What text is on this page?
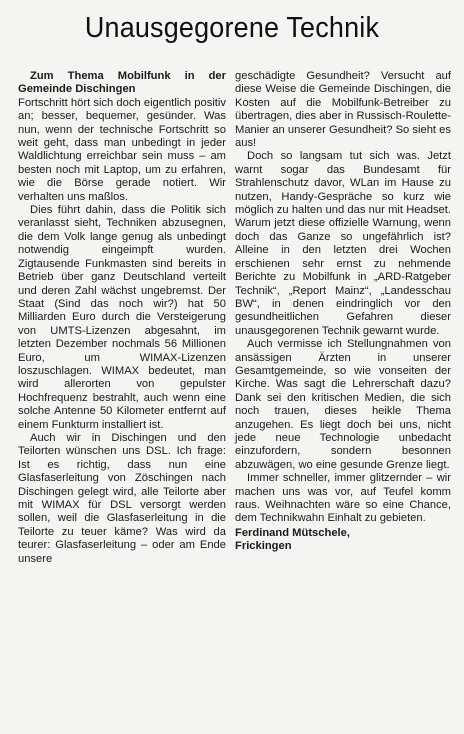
Unausgegorene Technik

Zum Thema Mobilfunk in der Gemeinde Dischingen

Fortschritt hört sich doch eigentlich positiv an; besser, bequemer, gesünder. Was nun, wenn der technische Fortschritt so weit geht, dass man unbedingt in jeder Waldlichtung erreichbar sein muss – am besten noch mit Laptop, um zu erfahren, wie die Börse gerade notiert. Wir verhalten uns maßlos.

Dies führt dahin, dass die Politik sich veranlasst sieht, Techniken abzusegnen, die dem Volk lange genug als unbedingt notwendig eingeimpft wurden. Zigtausende Funkmasten sind bereits in Betrieb über ganz Deutschland verteilt und deren Zahl wächst ungebremst. Der Staat (Sind das noch wir?) hat 50 Milliarden Euro durch die Versteigerung von UMTS-Lizenzen abgesahnt, im letzten Dezember nochmals 56 Millionen Euro, um WIMAX-Lizenzen loszuschlagen. WIMAX bedeutet, man wird allerorten von gepulster Hochfrequenz bestrahlt, auch wenn eine solche Antenne 50 Kilometer entfernt auf einem Funkturm installiert ist.

Auch wir in Dischingen und den Teilorten wünschen uns DSL. Ich frage: Ist es richtig, dass nun eine Glasfaserleitung von Zöschingen nach Dischingen gelegt wird, alle Teilorte aber mit WIMAX für DSL versorgt werden sollen, weil die Glasfaserleitung in die Teilorte zu teuer käme? Was wird da teurer: Glasfaserleitung – oder am Ende unsere

geschädigte Gesundheit? Versucht auf diese Weise die Gemeinde Dischingen, die Kosten auf die Mobilfunk-Betreiber zu übertragen, dies aber in Russisch-Roulette-Manier an unserer Gesundheit? So sieht es aus!

Doch so langsam tut sich was. Jetzt warnt sogar das Bundesamt für Strahlenschutz davor, WLan im Hause zu nutzen, Handy-Gespräche so kurz wie möglich zu halten und das nur mit Headset. Warum jetzt diese offizielle Warnung, wenn doch das Ganze so ungefährlich ist? Alleine in den letzten drei Wochen erschienen sehr ernst zu nehmende Berichte zu Mobilfunk in „ARD-Ratgeber Technik“, „Report Mainz“, „Landesschau BW“, in denen eindringlich vor den gesundheitlichen Gefahren dieser unausgegorenen Technik gewarnt wurde.

Auch vermisse ich Stellungnahmen von ansässigen Ärzten in unserer Gesamtgemeinde, so wie vonseiten der Kirche. Was sagt die Lehrerschaft dazu? Dank sei den kritischen Medien, die sich noch trauen, dieses heikle Thema anzugehen. Es liegt doch bei uns, nicht jede neue Technologie unbedacht einzufordern, sondern besonnen abzuwägen, wo eine gesunde Grenze liegt.

Immer schneller, immer glitzernder – wir machen uns was vor, auf Teufel komm raus. Weihnachten wäre so eine Chance, dem Technikwahn Einhalt zu gebieten.

Ferdinand Mütschele,
Frickingen
